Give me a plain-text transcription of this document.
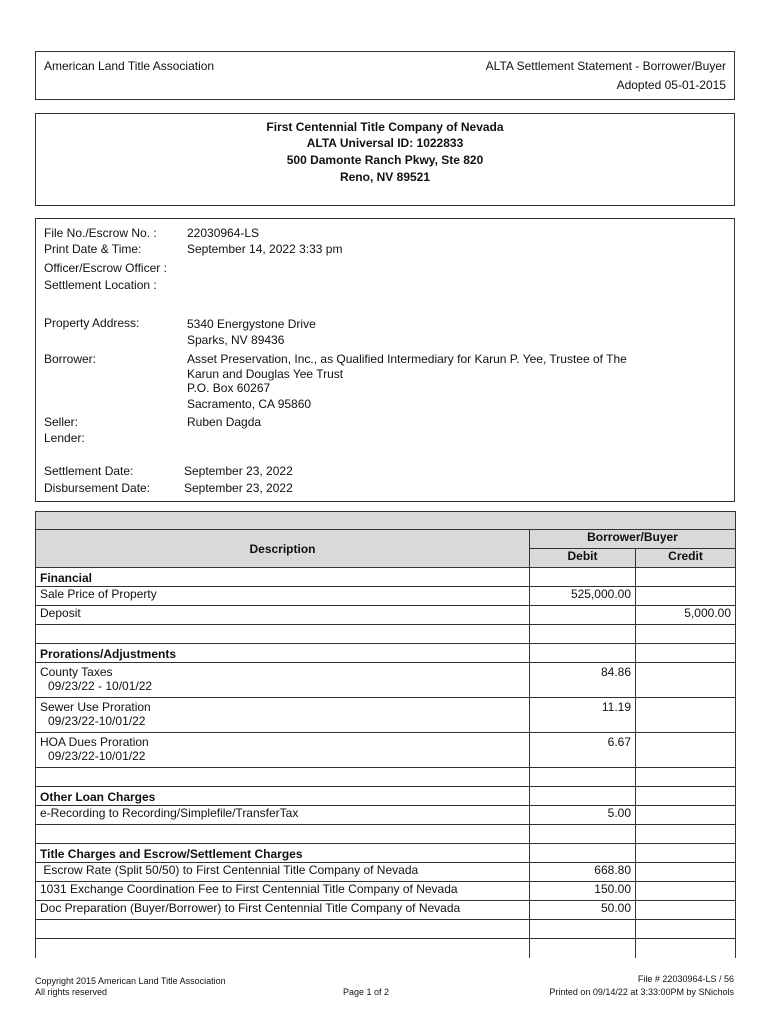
American Land Title Association	ALTA Settlement Statement - Borrower/Buyer
Adopted 05-01-2015
First Centennial Title Company of Nevada
ALTA Universal ID: 1022833
500 Damonte Ranch Pkwy, Ste 820
Reno, NV 89521
File No./Escrow No. :	22030964-LS
Print Date & Time:	September 14, 2022 3:33 pm
Officer/Escrow Officer :
Settlement Location :
Property Address:	5340 Energystone Drive
Sparks, NV 89436
Borrower:	Asset Preservation, Inc., as Qualified Intermediary for Karun P. Yee, Trustee of The
Karun and Douglas Yee Trust
P.O. Box 60267
Sacramento, CA 95860
Seller:	Ruben Dagda
Lender:
Settlement Date:	September 23, 2022
Disbursement Date:	September 23, 2022

Description	Borrower/Buyer	
	Debit	Credit
Financial		
Sale Price of Property	525,000.00	
Deposit		5,000.00

Prorations/Adjustments		
County Taxes
09/23/22 - 10/01/22	84.86	
Sewer Use Proration
09/23/22-10/01/22	11.19	
HOA Dues Proration
09/23/22-10/01/22	6.67	

Other Loan Charges		
e-Recording to Recording/Simplefile/TransferTax	5.00	

Title Charges and Escrow/Settlement Charges		
Escrow Rate (Split 50/50) to First Centennial Title Company of Nevada	668.80	
1031 Exchange Coordination Fee to First Centennial Title Company of Nevada	150.00	
Doc Preparation (Buyer/Borrower) to First Centennial Title Company of Nevada	50.00	

Copyright 2015 American Land Title Association
All rights reserved	Page 1 of 2
File # 22030964-LS / 56
Printed on 09/14/22 at 3:33:00PM by SNichols
